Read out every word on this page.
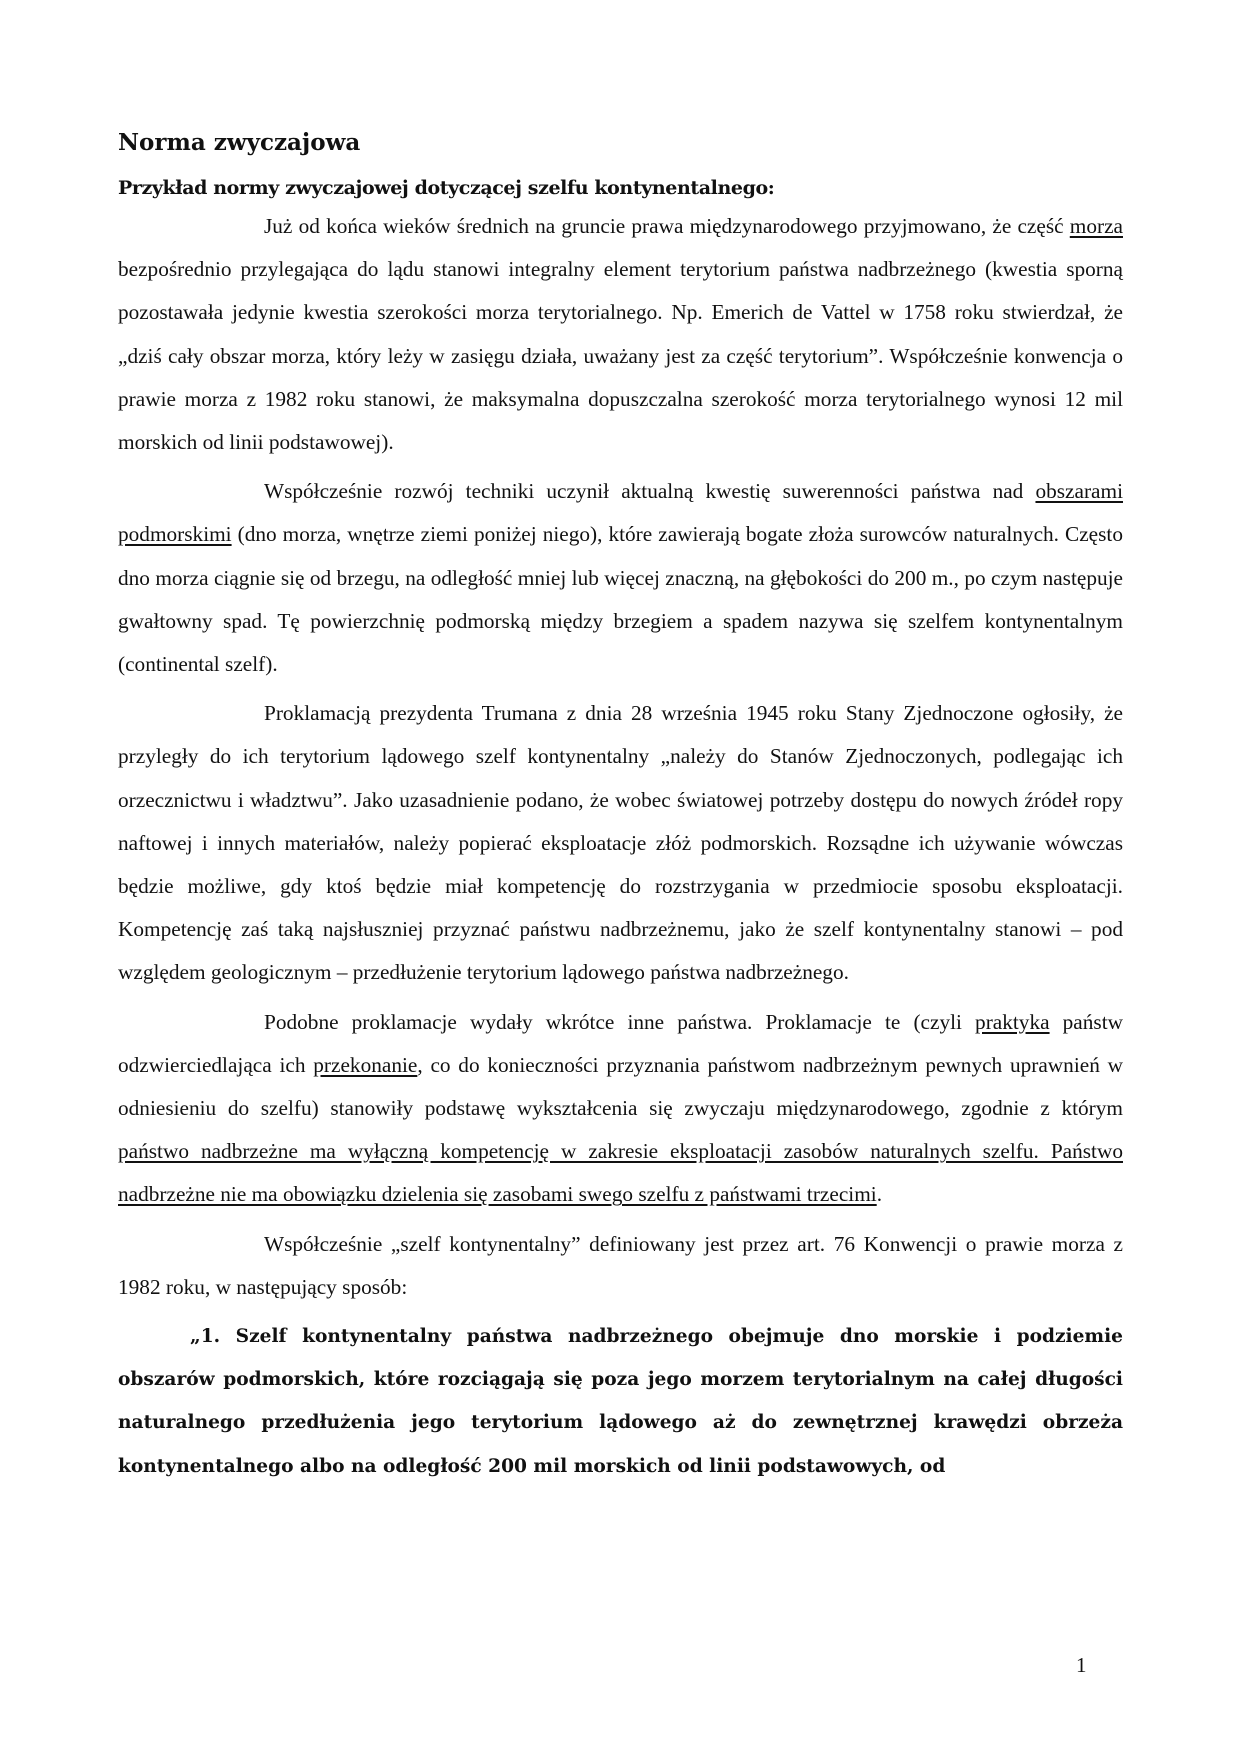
Norma zwyczajowa
Przykład normy zwyczajowej dotyczącej szelfu kontynentalnego:

Już od końca wieków średnich na gruncie prawa międzynarodowego przyjmowano, że część morza bezpośrednio przylegająca do lądu stanowi integralny element terytorium państwa nadbrzeżnego (kwestia sporną pozostawała jedynie kwestia szerokości morza terytorialnego. Np. Emerich de Vattel w 1758 roku stwierdzał, że „dziś cały obszar morza, który leży w zasięgu działa, uważany jest za część terytorium”. Współcześnie konwencja o prawie morza z 1982 roku stanowi, że maksymalna dopuszczalna szerokość morza terytorialnego wynosi 12 mil morskich od linii podstawowej).

Współcześnie rozwój techniki uczynił aktualną kwestię suwerenności państwa nad obszarami podmorskimi (dno morza, wnętrze ziemi poniżej niego), które zawierają bogate złoża surowców naturalnych. Często dno morza ciągnie się od brzegu, na odległość mniej lub więcej znaczną, na głębokości do 200 m., po czym następuje gwałtowny spad. Tę powierzchnię podmorską między brzegiem a spadem nazywa się szelfem kontynentalnym (continental szelf).

Proklamacją prezydenta Trumana z dnia 28 września 1945 roku Stany Zjednoczone ogłosiły, że przyległy do ich terytorium lądowego szelf kontynentalny „należy do Stanów Zjednoczonych, podlegając ich orzecznictwu i władztwu”. Jako uzasadnienie podano, że wobec światowej potrzeby dostępu do nowych źródeł ropy naftowej i innych materiałów, należy popierać eksploatacje złóż podmorskich. Rozsądne ich używanie wówczas będzie możliwe, gdy ktoś będzie miał kompetencję do rozstrzygania w przedmiocie sposobu eksploatacji. Kompetencję zaś taką najsłuszniej przyznać państwu nadbrzeżnemu, jako że szelf kontynentalny stanowi – pod względem geologicznym – przedłużenie terytorium lądowego państwa nadbrzeżnego.

Podobne proklamacje wydały wkrótce inne państwa. Proklamacje te (czyli praktyka państw odzwierciedlająca ich przekonanie, co do konieczności przyznania państwom nadbrzeżnym pewnych uprawnień w odniesieniu do szelfu) stanowiły podstawę wykształcenia się zwyczaju międzynarodowego, zgodnie z którym państwo nadbrzeżne ma wyłączną kompetencję w zakresie eksploatacji zasobów naturalnych szelfu. Państwo nadbrzeżne nie ma obowiązku dzielenia się zasobami swego szelfu z państwami trzecimi.

Współcześnie „szelf kontynentalny” definiowany jest przez art. 76 Konwencji o prawie morza z 1982 roku, w następujący sposób:

„1. Szelf kontynentalny państwa nadbrzeżnego obejmuje dno morskie i podziemie obszarów podmorskich, które rozciągają się poza jego morzem terytorialnym na całej długości naturalnego przedłużenia jego terytorium lądowego aż do zewnętrznej krawędzi obrzeża kontynentalnego albo na odległość 200 mil morskich od linii podstawowych, od

1
